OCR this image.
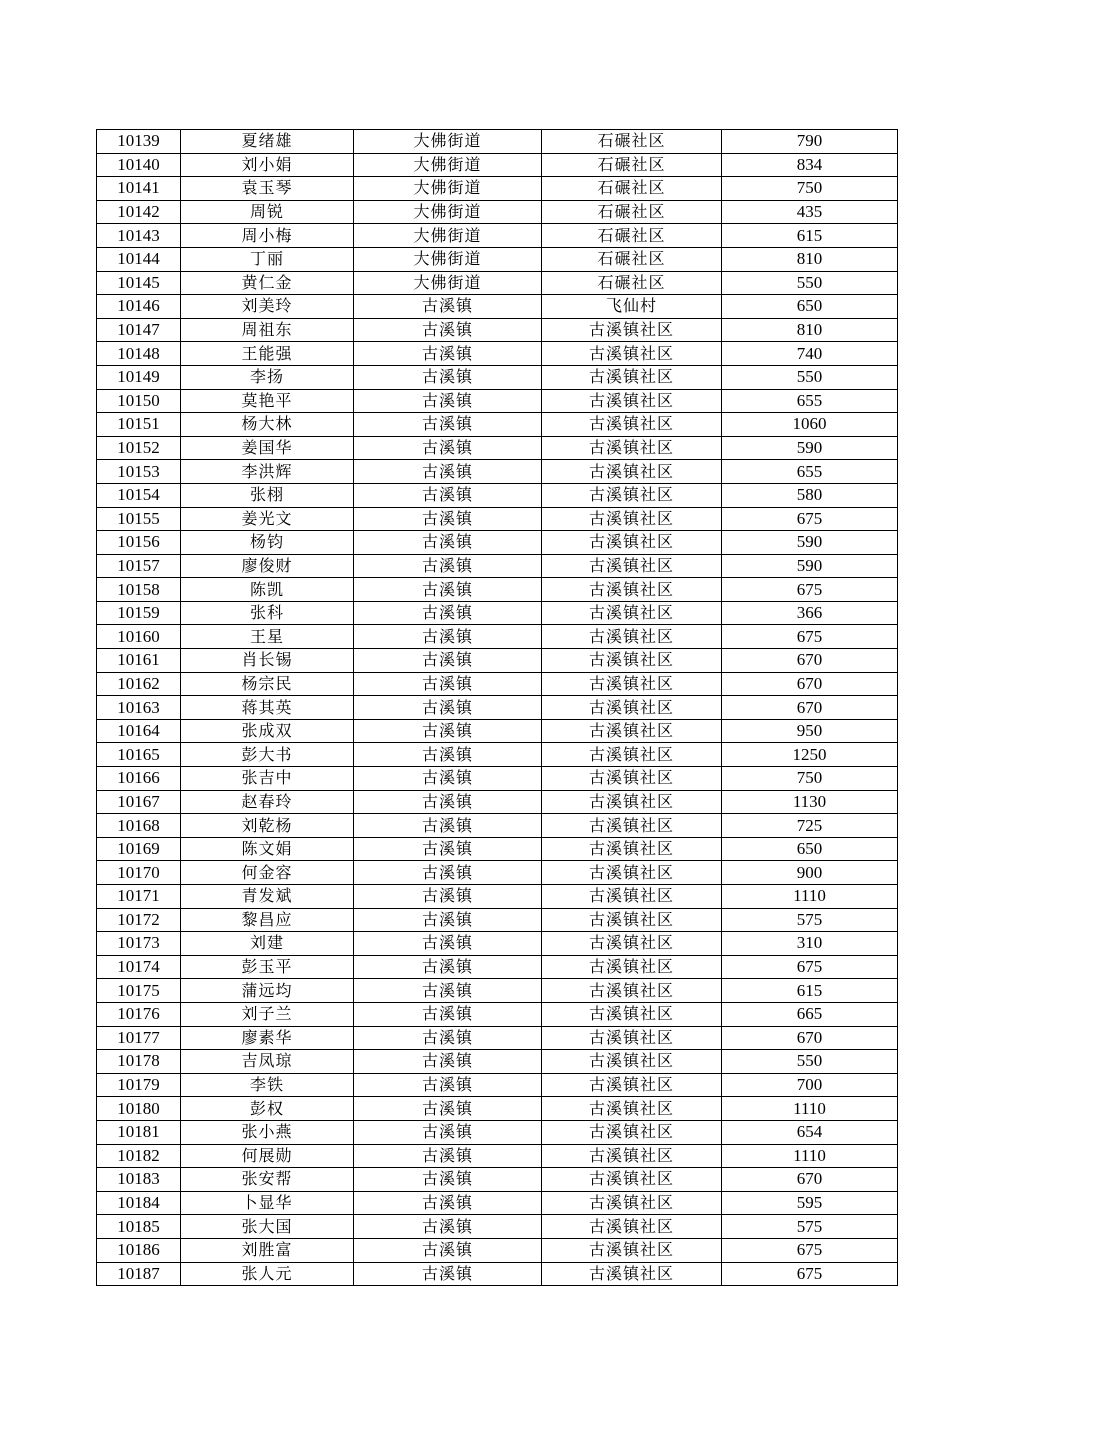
10139	夏绪雄	大佛街道	石碾社区	790
10140	刘小娟	大佛街道	石碾社区	834
10141	袁玉琴	大佛街道	石碾社区	750
10142	周锐	大佛街道	石碾社区	435
10143	周小梅	大佛街道	石碾社区	615
10144	丁丽	大佛街道	石碾社区	810
10145	黄仁金	大佛街道	石碾社区	550
10146	刘美玲	古溪镇	飞仙村	650
10147	周祖东	古溪镇	古溪镇社区	810
10148	王能强	古溪镇	古溪镇社区	740
10149	李扬	古溪镇	古溪镇社区	550
10150	莫艳平	古溪镇	古溪镇社区	655
10151	杨大林	古溪镇	古溪镇社区	1060
10152	姜国华	古溪镇	古溪镇社区	590
10153	李洪辉	古溪镇	古溪镇社区	655
10154	张栩	古溪镇	古溪镇社区	580
10155	姜光文	古溪镇	古溪镇社区	675
10156	杨钧	古溪镇	古溪镇社区	590
10157	廖俊财	古溪镇	古溪镇社区	590
10158	陈凯	古溪镇	古溪镇社区	675
10159	张科	古溪镇	古溪镇社区	366
10160	王星	古溪镇	古溪镇社区	675
10161	肖长锡	古溪镇	古溪镇社区	670
10162	杨宗民	古溪镇	古溪镇社区	670
10163	蒋其英	古溪镇	古溪镇社区	670
10164	张成双	古溪镇	古溪镇社区	950
10165	彭大书	古溪镇	古溪镇社区	1250
10166	张吉中	古溪镇	古溪镇社区	750
10167	赵春玲	古溪镇	古溪镇社区	1130
10168	刘乾杨	古溪镇	古溪镇社区	725
10169	陈文娟	古溪镇	古溪镇社区	650
10170	何金容	古溪镇	古溪镇社区	900
10171	青发斌	古溪镇	古溪镇社区	1110
10172	黎昌应	古溪镇	古溪镇社区	575
10173	刘建	古溪镇	古溪镇社区	310
10174	彭玉平	古溪镇	古溪镇社区	675
10175	蒲远均	古溪镇	古溪镇社区	615
10176	刘子兰	古溪镇	古溪镇社区	665
10177	廖素华	古溪镇	古溪镇社区	670
10178	吉凤琼	古溪镇	古溪镇社区	550
10179	李铁	古溪镇	古溪镇社区	700
10180	彭权	古溪镇	古溪镇社区	1110
10181	张小燕	古溪镇	古溪镇社区	654
10182	何展勋	古溪镇	古溪镇社区	1110
10183	张安帮	古溪镇	古溪镇社区	670
10184	卜显华	古溪镇	古溪镇社区	595
10185	张大国	古溪镇	古溪镇社区	575
10186	刘胜富	古溪镇	古溪镇社区	675
10187	张人元	古溪镇	古溪镇社区	675
